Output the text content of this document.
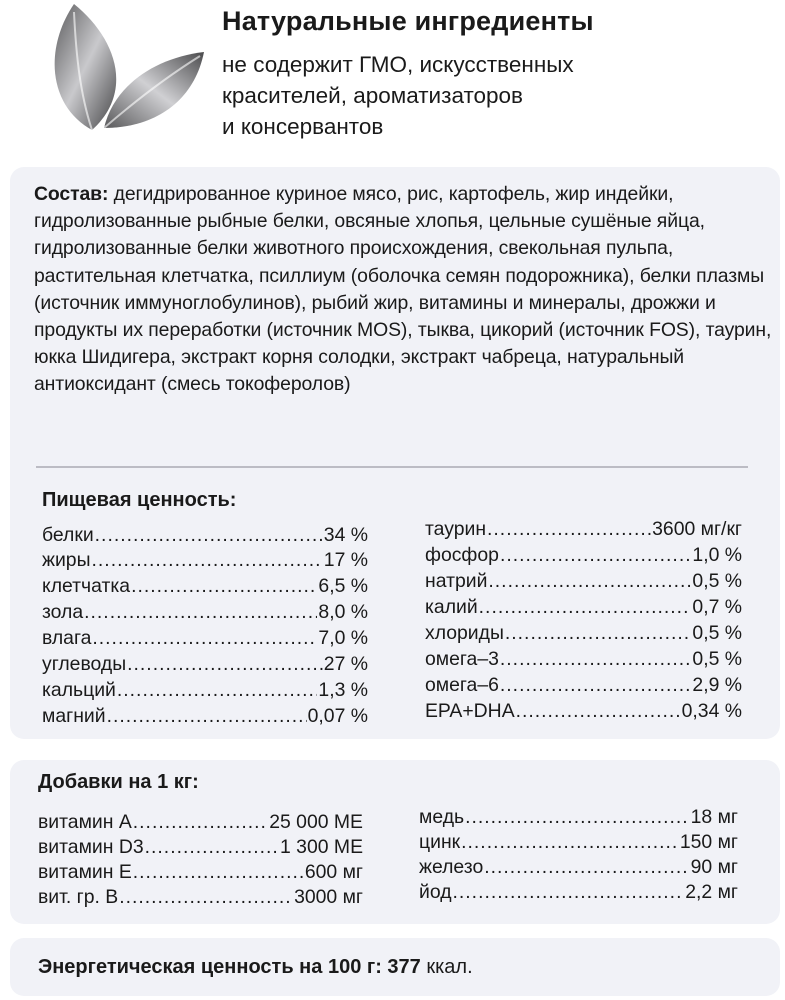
Натуральные ингредиенты
не содержит ГМО, искусственных
красителей, ароматизаторов
и консервантов
Состав: дегидрированное куриное мясо, рис, картофель, жир индейки, гидролизованные рыбные белки, овсяные хлопья, цельные сушёные яйца, гидролизованные белки животного происхождения, свекольная пульпа, растительная клетчатка, псиллиум (оболочка семян подорожника), белки плазмы (источник иммуноглобулинов), рыбий жир, витамины и минералы, дрожжи и продукты их переработки (источник MOS), тыква, цикорий (источник FOS), таурин, юкка Шидигера, экстракт корня солодки, экстракт чабреца, натуральный антиоксидант (смесь токоферолов)
Пищевая ценность:
белки .....	34 %
жиры .....	17 %
клетчатка .....	6,5 %
зола .....	8,0 %
влага .....	7,0 %
углеводы .....	27 %
кальций .....	1,3 %
магний .....	0,07 %
таурин .....	3600 мг/кг
фосфор .....	1,0 %
натрий .....	0,5 %
калий .....	0,7 %
хлориды .....	0,5 %
омега–3 .....	0,5 %
омега–6 .....	2,9 %
EPA+DHA .....	0,34 %
Добавки на 1 кг:
витамин А .....	25 000 МЕ
витамин D3 .....	1 300 МЕ
витамин Е .....	600 мг
вит. гр. В .....	3000 мг
медь .....	18 мг
цинк .....	150 мг
железо .....	90 мг
йод .....	2,2 мг
Энергетическая ценность на 100 г: 377 ккал.
